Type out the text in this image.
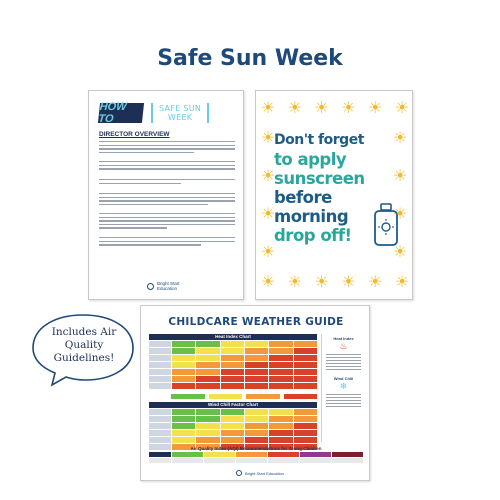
Safe Sun Week
HOW TO
SAFE SUN
WEEK
DIRECTOR OVERVIEW
Bright Start
Education
☀ ☀ ☀ ☀ ☀ ☀
☀
☀
☀
☀
☀
☀
☀
☀
☀ ☀ ☀ ☀ ☀ ☀
Don't forget
to apply
sunscreen
before
morning
drop off!
CHILDCARE WEATHER GUIDE
Heat Index Chart
Wind Chill Factor Chart
Heat Index
♨
Wind Chill
❄
Air Quality Index (AQI) Recommendations for Young Children
Bright Start Education
Includes Air
Quality
Guidelines!
